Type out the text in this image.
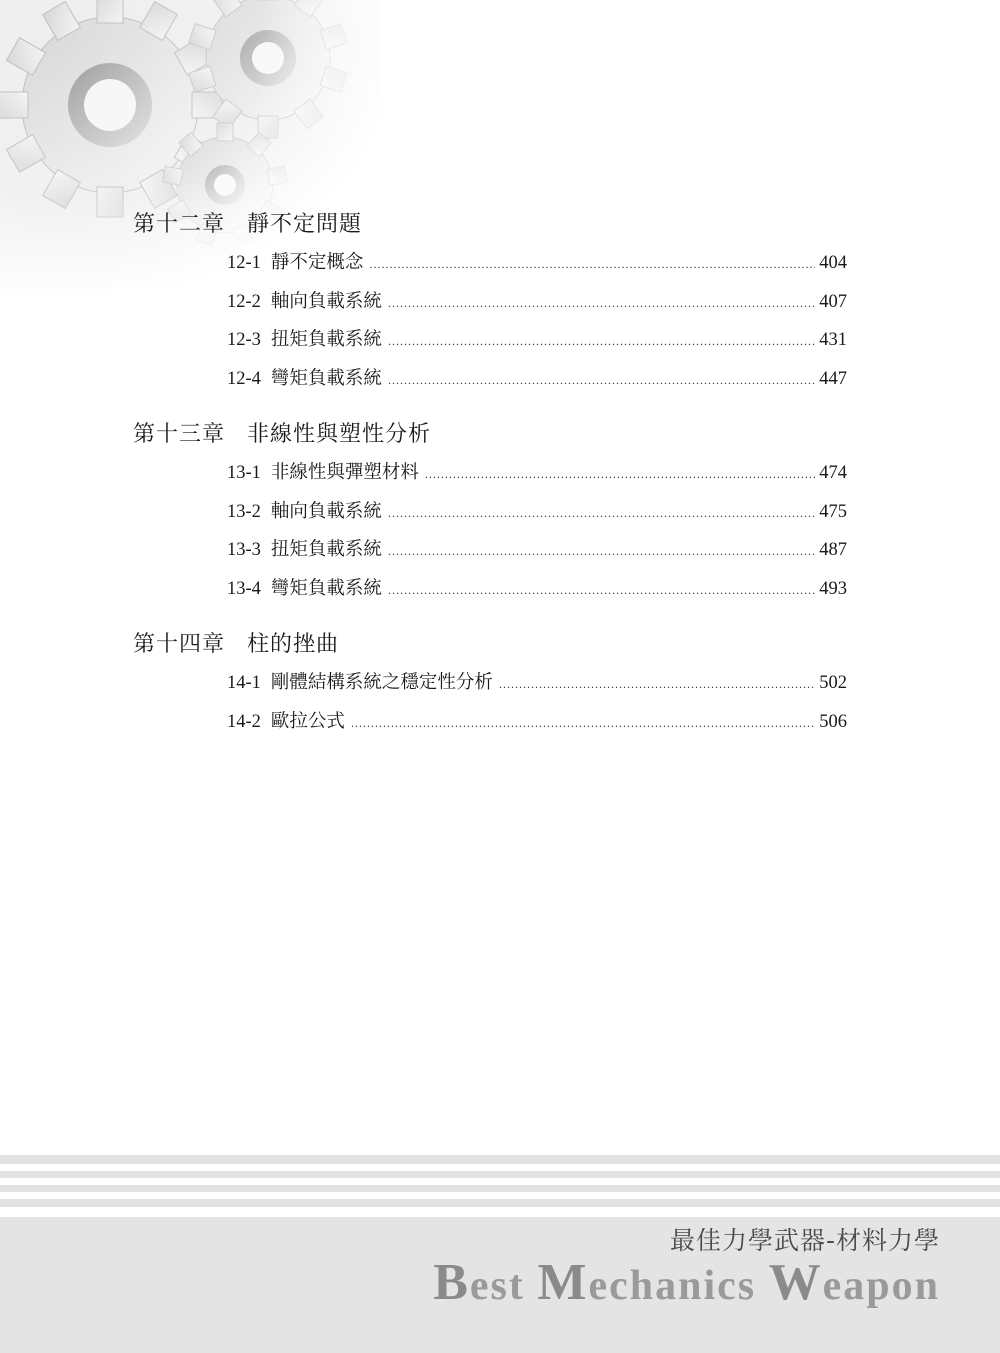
第十二章 靜不定問題
12-1 靜不定概念 .....	404
12-2 軸向負載系統 .....	407
12-3 扭矩負載系統 .....	431
12-4 彎矩負載系統 .....	447
第十三章 非線性與塑性分析
13-1 非線性與彈塑材料 .....	474
13-2 軸向負載系統 .....	475
13-3 扭矩負載系統 .....	487
13-4 彎矩負載系統 .....	493
第十四章 柱的挫曲
14-1 剛體結構系統之穩定性分析 .....	502
14-2 歐拉公式 .....	506
最佳力學武器-材料力學
Best Mechanics Weapon
